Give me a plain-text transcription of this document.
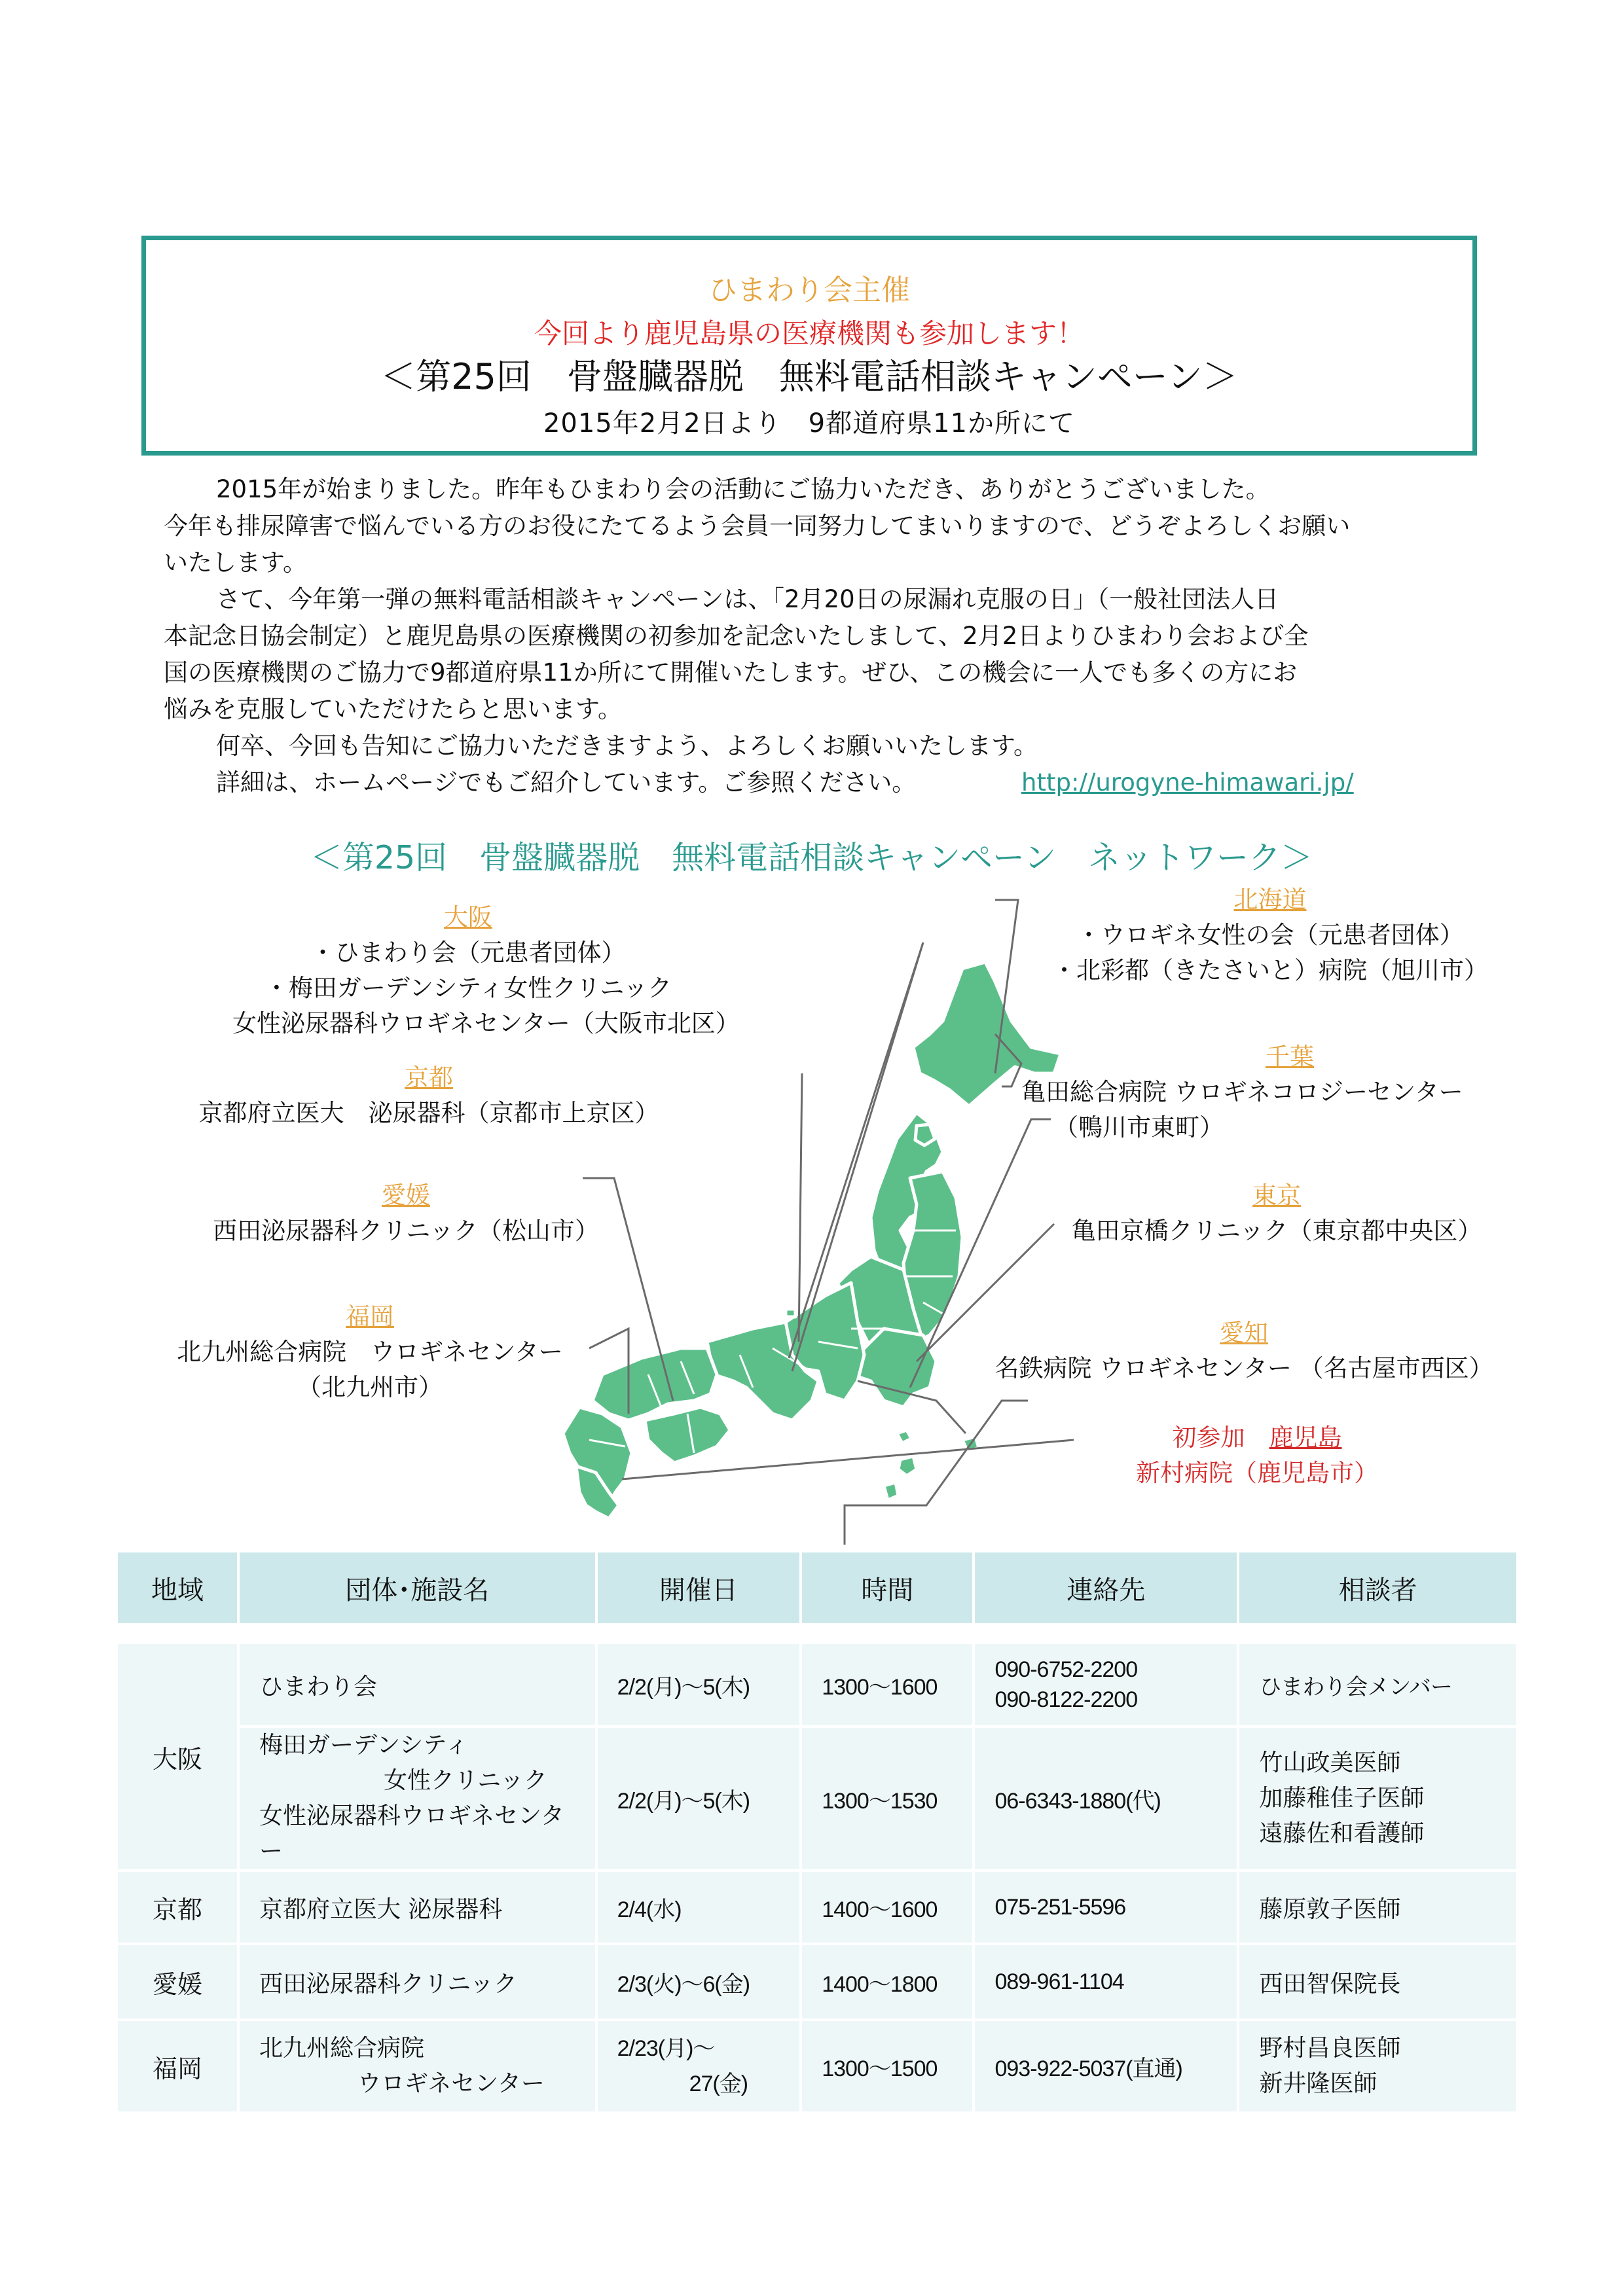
ひまわり会主催
今回より鹿児島県の医療機関も参加します！
＜第25回　骨盤臓器脱　無料電話相談キャンペーン＞
2015年2月2日より　9都道府県11か所にて
2015年が始まりました。昨年もひまわり会の活動にご協力いただき、ありがとうございました。
今年も排尿障害で悩んでいる方のお役にたてるよう会員一同努力してまいりますので、どうぞよろしくお願い
いたします。
さて、今年第一弾の無料電話相談キャンペーンは、「2月20日の尿漏れ克服の日」（一般社団法人日
本記念日協会制定）と鹿児島県の医療機関の初参加を記念いたしまして、2月2日よりひまわり会および全
国の医療機関のご協力で9都道府県11か所にて開催いたします。ぜひ、この機会に一人でも多くの方にお
悩みを克服していただけたらと思います。
何卒、今回も告知にご協力いただきますよう、よろしくお願いいたします。
詳細は、ホームページでもご紹介しています。ご参照ください。	http://urogyne-himawari.jp/
＜第25回　骨盤臓器脱　無料電話相談キャンペーン　ネットワーク＞
大阪
・ひまわり会（元患者団体）
・梅田ガーデンシティ女性クリニック
女性泌尿器科ウロギネセンター（大阪市北区）
京都
京都府立医大　泌尿器科（京都市上京区）
愛媛
西田泌尿器科クリニック（松山市）
福岡
北九州総合病院　ウロギネセンター
（北九州市）
北海道
・ウロギネ女性の会（元患者団体）
・北彩都（きたさいと）病院（旭川市）
千葉
亀田総合病院 ウロギネコロジーセンター
（鴨川市東町）
東京
亀田京橋クリニック（東京都中央区）
愛知
名鉄病院 ウロギネセンター （名古屋市西区）
初参加　 鹿児島
新村病院（鹿児島市）
地域	団体･施設名	開催日	時間	連絡先	相談者

大阪	ひまわり会	2/2(月)～5(木)	1300～1600	090-6752-2200
090-8122-2200	ひまわり会メンバー

	梅田ガーデンシティ
女性クリニック
女性泌尿器科ウロギネセンター	2/2(月)～5(木)	1300～1530	06-6343-1880(代)	竹山政美医師
加藤稚佳子医師
遠藤佐和看護師

京都	京都府立医大 泌尿器科	2/4(水)	1400～1600	075-251-5596	藤原敦子医師
愛媛	西田泌尿器科クリニック	2/3(火)～6(金)	1400～1800	089-961-1104	西田智保院長
福岡	北九州総合病院
ウロギネセンター	2/23(月)～
27(金)	1300～1500	093-922-5037(直通)	野村昌良医師
新井隆医師
